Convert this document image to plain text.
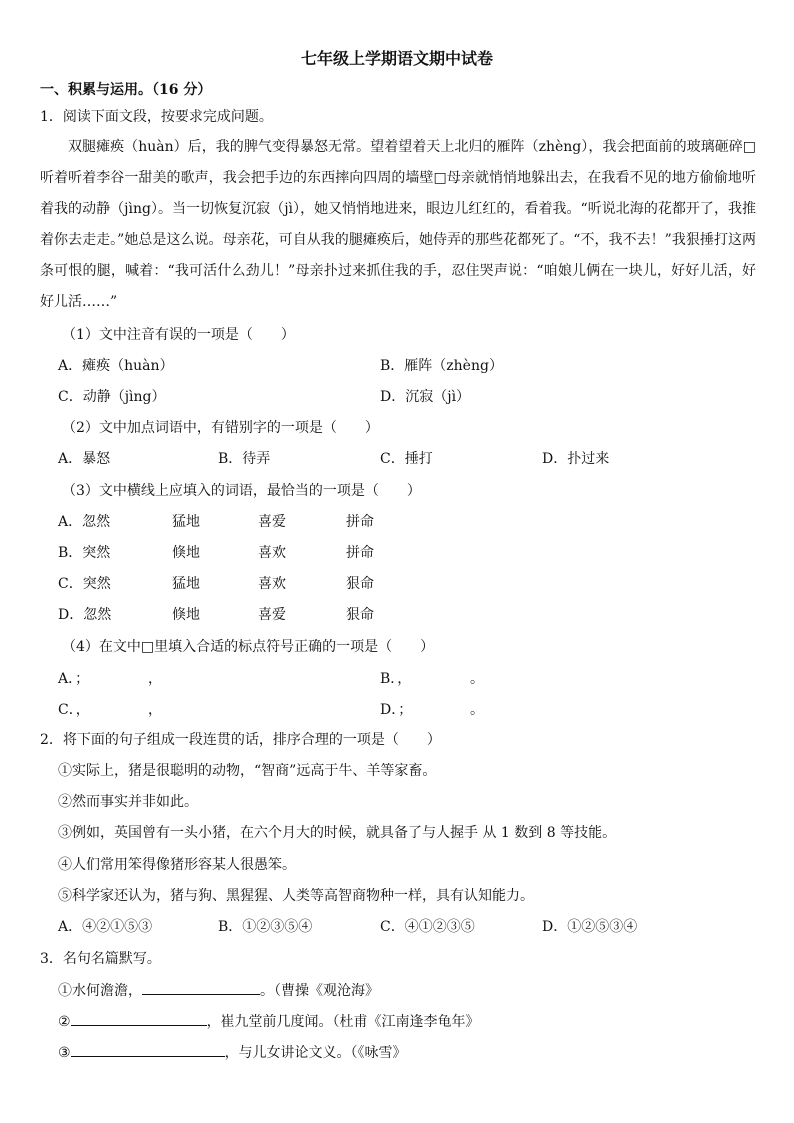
七年级上学期语文期中试卷
一、积累与运用。（16 分）
1．阅读下面文段，按要求完成问题。
双腿瘫痪（huàn）后，我的脾气变得暴怒无常。望着望着天上北归的雁阵（zhèng），我会把面前的玻璃砸碎□听着听着李谷一甜美的歌声，我会把手边的东西摔向四周的墙壁□母亲就悄悄地躲出去，在我看不见的地方偷偷地听着我的动静（jìng）。当一切恢复沉寂（jì），她又悄悄地进来，眼边儿红红的，看着我。“听说北海的花都开了，我推着你去走走。”她总是这么说。母亲花，可自从我的腿瘫痪后，她侍弄的那些花都死了。“不，我不去！”我狠捶打这两条可恨的腿，喊着：“我可活什么劲儿！”母亲扑过来抓住我的手，忍住哭声说：“咱娘儿俩在一块儿，好好儿活，好好儿活……”
（1）文中注音有误的一项是（　　）
A．瘫痪（huàn）	B．雁阵（zhèng）
C．动静（jìng）	D．沉寂（jì）
（2）文中加点词语中，有错别字的一项是（　　）
A．暴怒	B．待弄	C．捶打	D．扑过来
（3）文中横线上应填入的词语，最恰当的一项是（　　）
A．忽然	猛地	喜爱	拼命
B．突然	倏地	喜欢	拼命
C．突然	猛地	喜欢	狠命
D．忽然	倏地	喜爱	狠命
（4）在文中□里填入合适的标点符号正确的一项是（　　）
A．；	，	B．，	。
C．，	，	D．；	。
2．将下面的句子组成一段连贯的话，排序合理的一项是（　　）
①实际上，猪是很聪明的动物，“智商”远高于牛、羊等家畜。
②然而事实并非如此。
③例如，英国曾有一头小猪，在六个月大的时候，就具备了与人握手 从 1 数到 8 等技能。
④人们常用笨得像猪形容某人很愚笨。
⑤科学家还认为，猪与狗、黑猩猩、人类等高智商物种一样，具有认知能力。
A．④②①⑤③	B．①②③⑤④	C．④①②③⑤	D．①②⑤③④
3．名句名篇默写。
①水何澹澹，	。（曹操《观沧海》
②	，崔九堂前几度闻。（杜甫《江南逢李龟年》
③	，与儿女讲论文义。（《咏雪》
